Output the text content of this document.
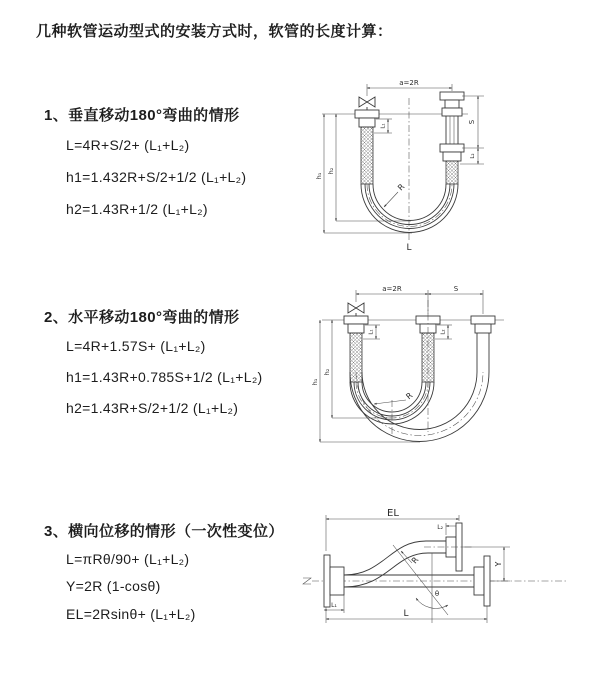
几种软管运动型式的安装方式时，软管的长度计算：
1、垂直移动180°弯曲的情形
L=4R+S/2+ (L₁+L₂)
h1=1.432R+S/2+1/2 (L₁+L₂)
h2=1.43R+1/2 (L₁+L₂)
2、水平移动180°弯曲的情形
L=4R+1.57S+ (L₁+L₂)
h1=1.43R+0.785S+1/2 (L₁+L₂)
h2=1.43R+S/2+1/2 (L₁+L₂)
3、横向位移的情形（一次性变位）
L=πRθ/90+ (L₁+L₂)
Y=2R (1-cosθ)
EL=2Rsinθ+ (L₁+L₂)
a=2R
S
L₂
h₁
h₂
L₁
R
L
a=2R	S
h₁
h₂
L₁	L₂
R
EL
L₂
θ
R	Y
L₁
L
